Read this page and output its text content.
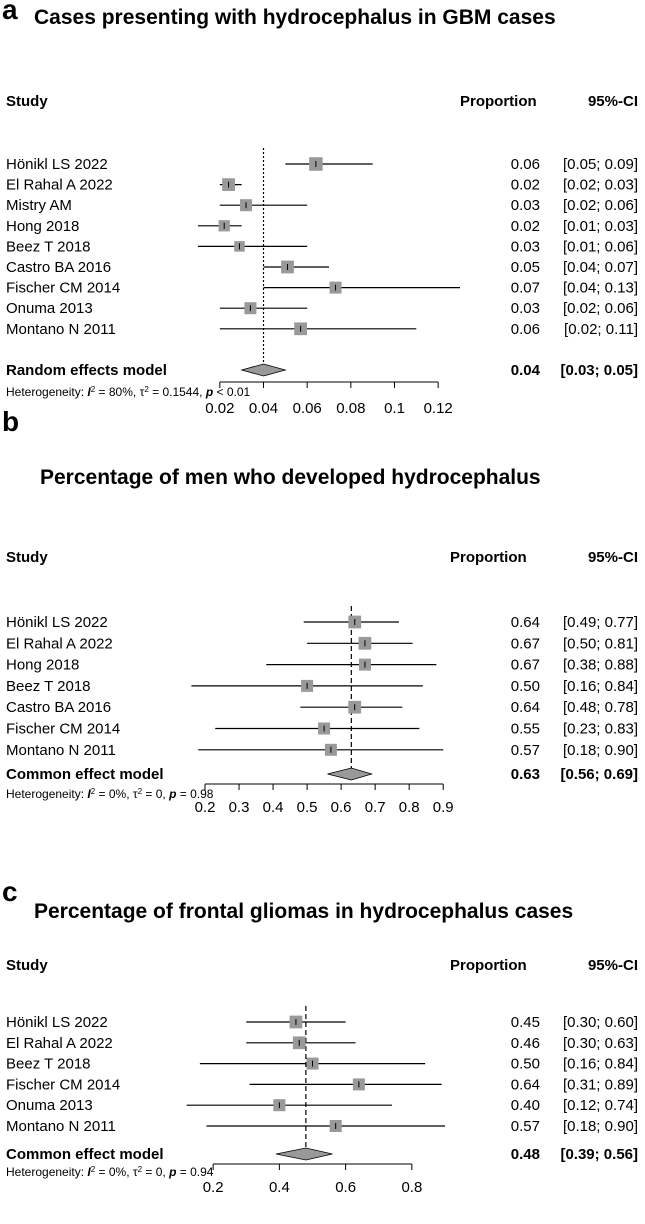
a Cases presenting with hydrocephalus in GBM cases
Study	Proportion	95%-CI
Hönikl LS 2022	0.06 [0.05; 0.09]
El Rahal A 2022	0.02 [0.02; 0.03]
Mistry AM	0.03 [0.02; 0.06]
Hong 2018	0.02 [0.01; 0.03]
Beez T 2018	0.03 [0.01; 0.06]
Castro BA 2016	0.05 [0.04; 0.07]
Fischer CM 2014	0.07 [0.04; 0.13]
Onuma 2013	0.03 [0.02; 0.06]
Montano N 2011	0.06 [0.02; 0.11]
Random effects model	0.04 [0.03; 0.05]
0.02 0.04 0.06 0.08 0.1 0.12
Heterogeneity: $I^2 = 80\%$, $\tau^2 = 0.1544$, p < 0.01
b
Percentage of men who developed hydrocephalus
Study	Proportion	95%-CI
Hönikl LS 2022	0.64 [0.49; 0.77]
El Rahal A 2022	0.67 [0.50; 0.81]
Hong 2018	0.67 [0.38; 0.88]
Beez T 2018	0.50 [0.16; 0.84]
Castro BA 2016	0.64 [0.48; 0.78]
Fischer CM 2014	0.55 [0.23; 0.83]
Montano N 2011	0.57 [0.18; 0.90]
Common effect model	0.63 [0.56; 0.69]
0.2 0.3 0.4 0.5 0.6 0.7 0.8 0.9
Heterogeneity: $I^2 = 0\%$, $\tau^2 = 0$, p = 0.98
c
Percentage of frontal gliomas in hydrocephalus cases
Study	Proportion	95%-CI
Hönikl LS 2022	0.45 [0.30; 0.60]
El Rahal A 2022	0.46 [0.30; 0.63]
Beez T 2018	0.50 [0.16; 0.84]
Fischer CM 2014	0.64 [0.31; 0.89]
Onuma 2013	0.40 [0.12; 0.74]
Montano N 2011	0.57 [0.18; 0.90]
Common effect model	0.48 [0.39; 0.56]
0.2	0.4	0.6	0.8
Heterogeneity: $I^2 = 0\%$, $\tau^2 = 0$, p = 0.94
